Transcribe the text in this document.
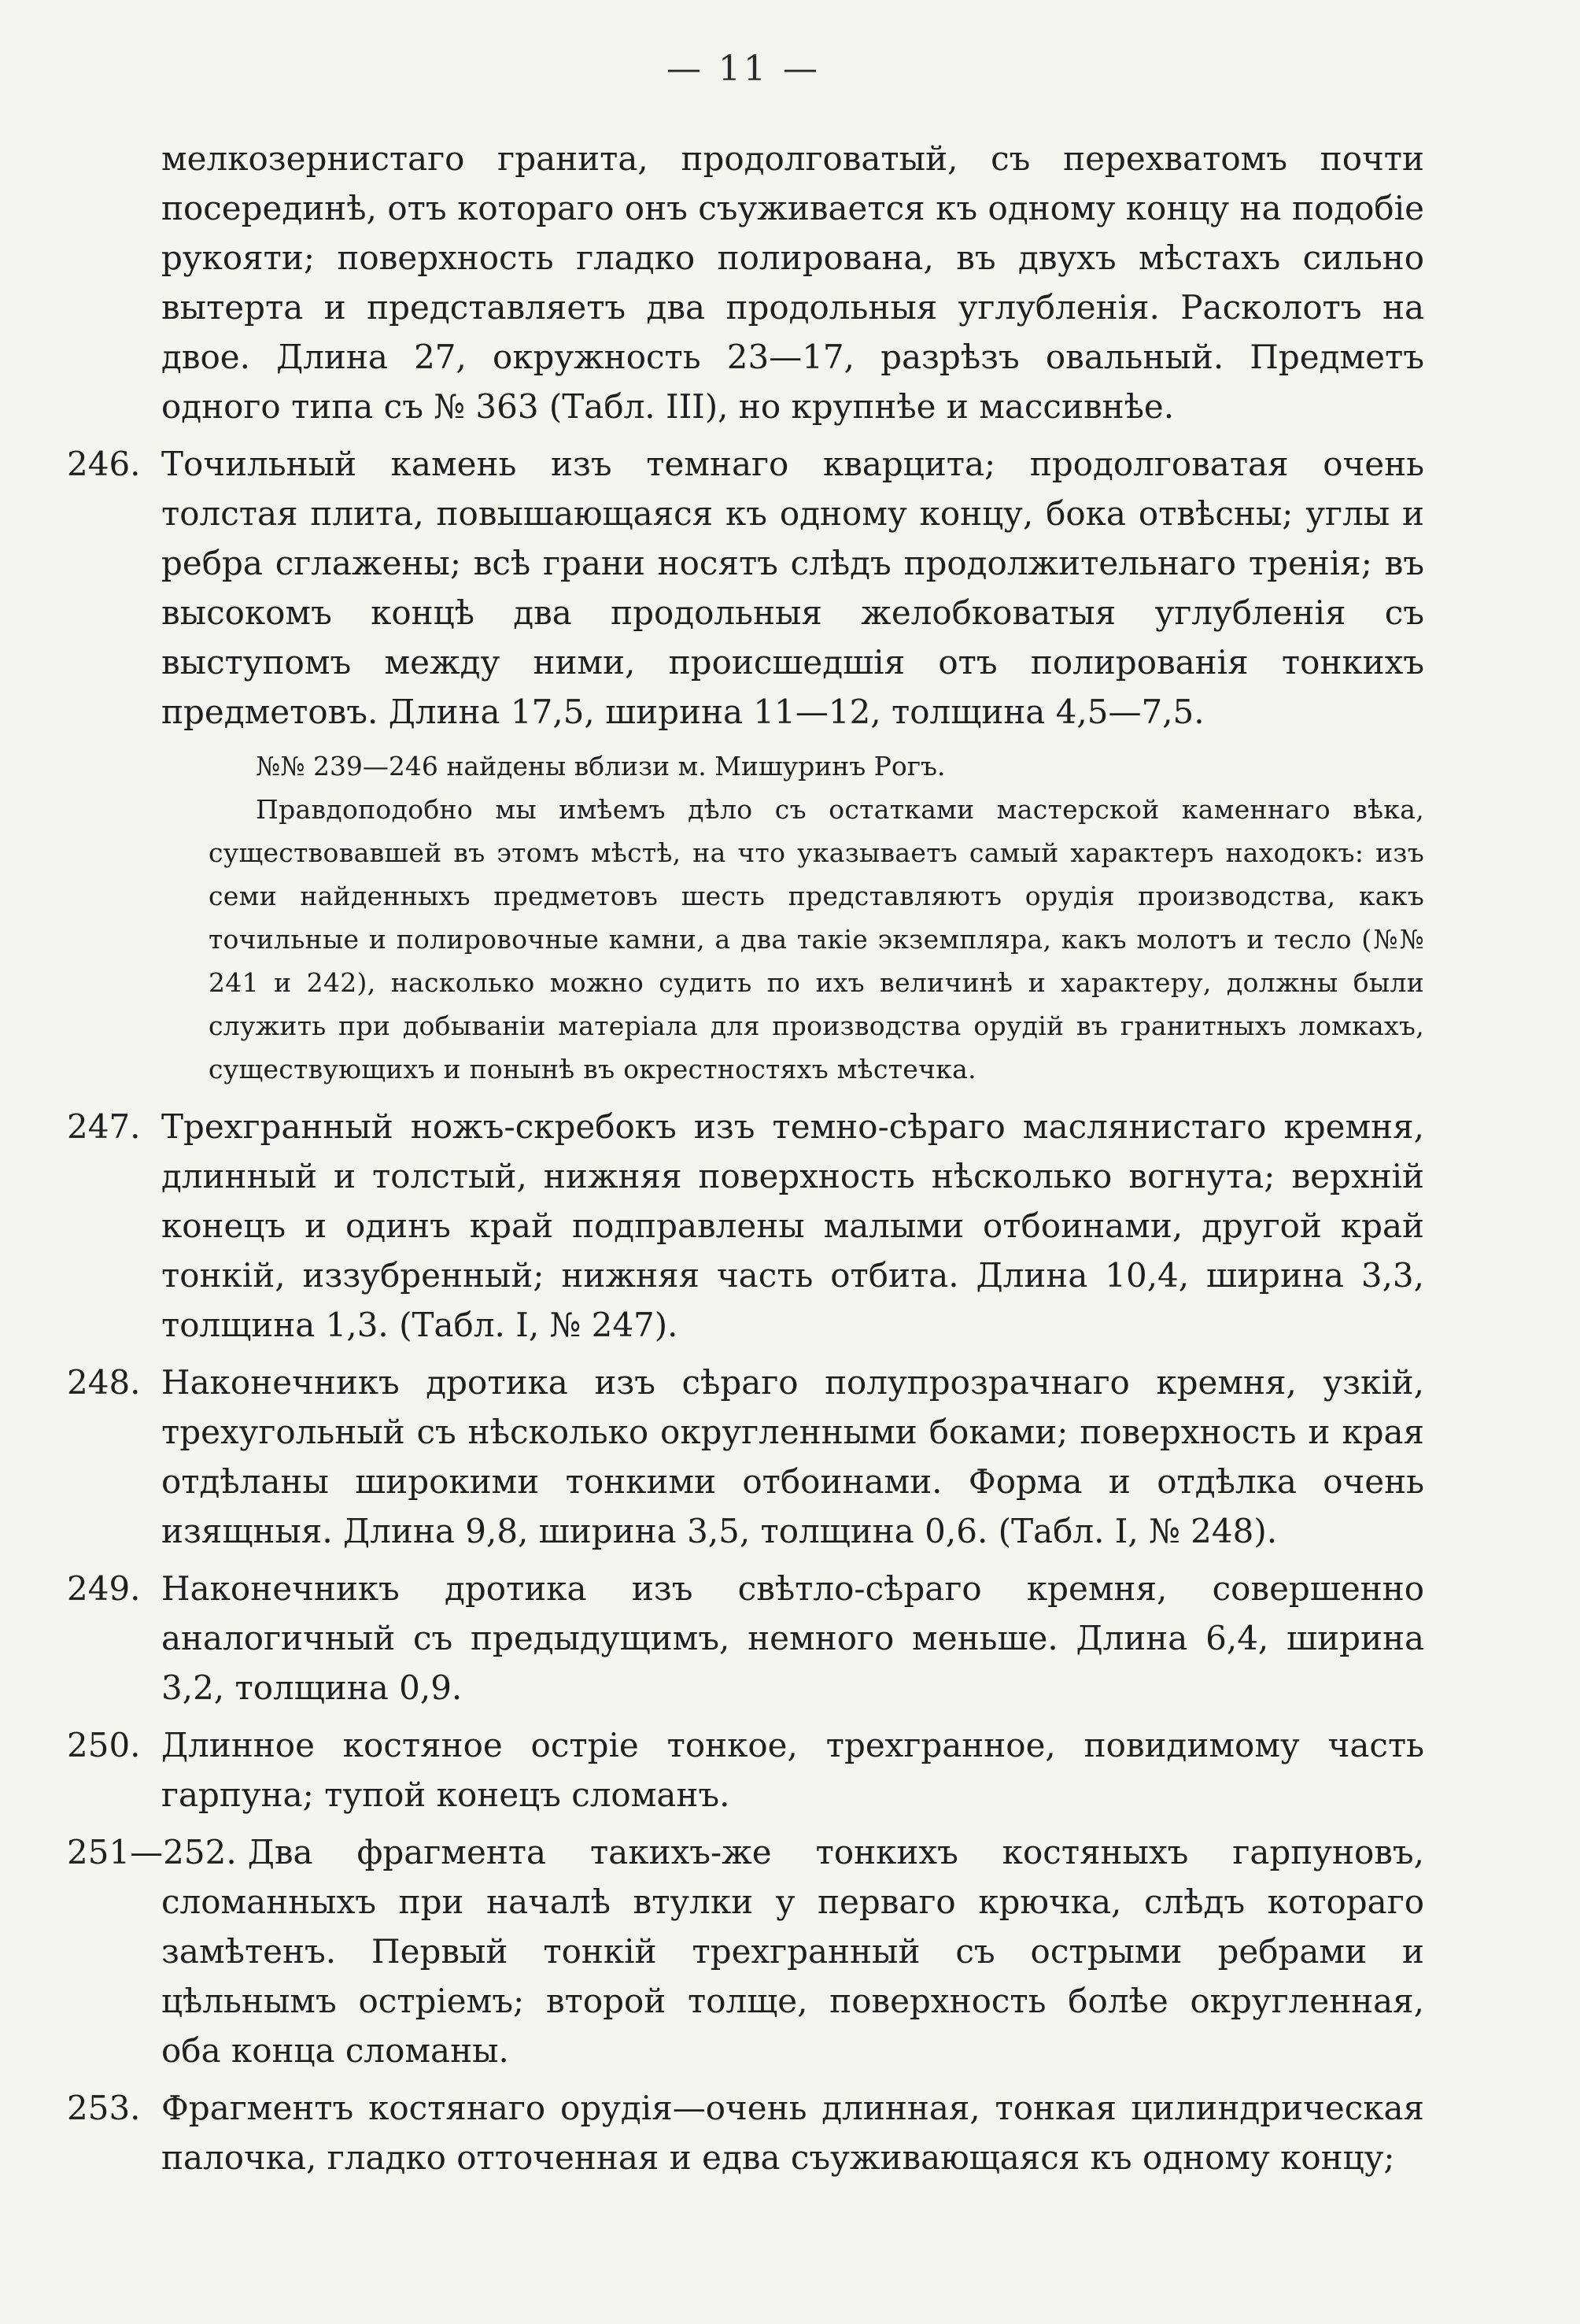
— 11 —

мелкозернистаго гранита, продолговатый, съ перехватомъ почти посерединѣ, отъ котораго онъ съуживается къ одному концу на подобіе рукояти; поверхность гладко полирована, въ двухъ мѣстахъ сильно вытерта и представляетъ два продольныя углубленія. Расколотъ на двое. Длина 27, окружность 23—17, разрѣзъ овальный. Предметъ одного типа съ № 363 (Табл. III), но крупнѣе и массивнѣе.

246. Точильный камень изъ темнаго кварцита; продолговатая очень толстая плита, повышающаяся къ одному концу, бока отвѣсны; углы и ребра сглажены; всѣ грани носятъ слѣдъ продолжительнаго тренія; въ высокомъ концѣ два продольныя желобковатыя углубленія съ выступомъ между ними, происшедшія отъ полированія тонкихъ предметовъ. Длина 17,5, ширина 11—12, толщина 4,5—7,5.
№№ 239—246 найдены вблизи м. Мишуринъ Рогъ.
Правдоподобно мы имѣемъ дѣло съ остатками мастерской каменнаго вѣка, существовавшей въ этомъ мѣстѣ, на что указываетъ самый характеръ находокъ: изъ семи найденныхъ предметовъ шесть представляютъ орудія производства, какъ точильные и полировочные камни, а два такіе экземпляра, какъ молотъ и тесло (№№ 241 и 242), насколько можно судить по ихъ величинѣ и характеру, должны были служить при добываніи матеріала для производства орудій въ гранитныхъ ломкахъ, существующихъ и понынѣ въ окрестностяхъ мѣстечка.
247. Трехгранный ножъ-скребокъ изъ темно-сѣраго маслянистаго кремня, длинный и толстый, нижняя поверхность нѣсколько вогнута; верхній конецъ и одинъ край подправлены малыми отбоинами, другой край тонкій, иззубренный; нижняя часть отбита. Длина 10,4, ширина 3,3, толщина 1,3. (Табл. I, № 247).
248. Наконечникъ дротика изъ сѣраго полупрозрачнаго кремня, узкій, трехугольный съ нѣсколько округленными боками; поверхность и края отдѣланы широкими тонкими отбоинами. Форма и отдѣлка очень изящныя. Длина 9,8, ширина 3,5, толщина 0,6. (Табл. I, № 248).
249. Наконечникъ дротика изъ свѣтло-сѣраго кремня, совершенно аналогичный съ предыдущимъ, немного меньше. Длина 6,4, ширина 3,2, толщина 0,9.
250. Длинное костяное остріе тонкое, трехгранное, повидимому часть гарпуна; тупой конецъ сломанъ.
251—252. Два фрагмента такихъ-же тонкихъ костяныхъ гарпуновъ, сломанныхъ при началѣ втулки у перваго крючка, слѣдъ котораго замѣтенъ. Первый тонкій трехгранный съ острыми ребрами и цѣльнымъ остріемъ; второй толще, поверхность болѣе округленная, оба конца сломаны.
253. Фрагментъ костянаго орудія—очень длинная, тонкая цилиндрическая палочка, гладко отточенная и едва съуживающаяся къ одному концу;
